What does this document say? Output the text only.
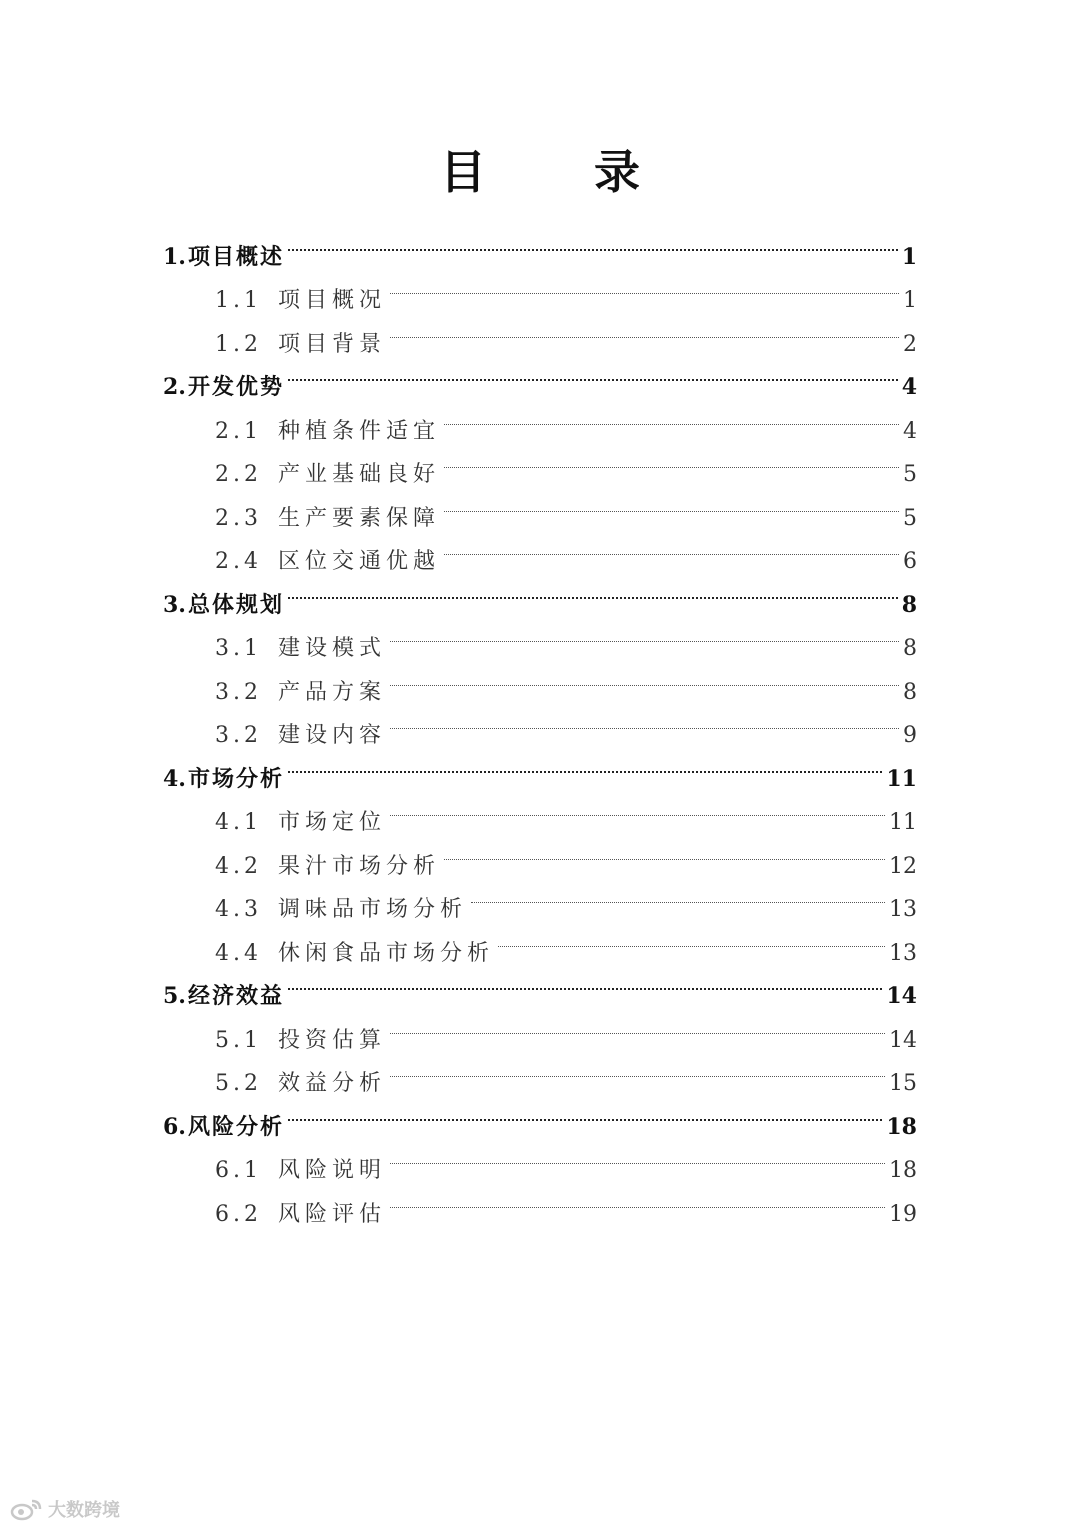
目 录
1. 项目概述	1
1.1 项目概况	1
1.2 项目背景	2
2. 开发优势	4
2.1 种植条件适宜	4
2.2 产业基础良好	5
2.3 生产要素保障	5
2.4 区位交通优越	6
3. 总体规划	8
3.1 建设模式	8
3.2 产品方案	8
3.2 建设内容	9
4. 市场分析	11
4.1 市场定位	11
4.2 果汁市场分析	12
4.3 调味品市场分析	13
4.4 休闲食品市场分析	13
5. 经济效益	14
5.1 投资估算	14
5.2 效益分析	15
6. 风险分析	18
6.1 风险说明	18
6.2 风险评估	19
大数跨境
